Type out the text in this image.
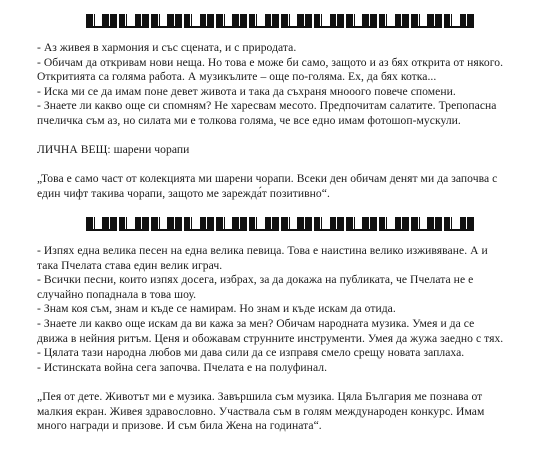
- Аз живея в хармония и със сцената, и с природата.

- Обичам да откривам нови неща. Но това е може би само, защото и аз бях открита от някого.

Откритията са голяма работа. А музикълите – още по-голяма. Ех, да бях котка...

- Иска ми се да имам поне девет живота и така да съхраня мнооого повече спомени.

- Знаете ли какво още си спомням? Не харесвам месото. Предпочитам салатите. Трепопасна

пчеличка съм аз, но силата ми е толкова голяма, че все едно имам фотошоп-мускули.

ЛИЧНА ВЕЩ: шарени чорапи

„Това е само част от колекцията ми шарени чорапи. Всеки ден обичам денят ми да започва с

един чифт такива чорапи, защото ме зарежда́т позитивно“.

- Изпях една велика песен на една велика певица. Това е наистина велико изживяване. А и

така Пчелата става един велик играч.

- Всички песни, които изпях досега, избрах, за да докажа на публиката, че Пчелата не е

случайно попаднала в това шоу.

- Знам коя съм, знам и къде се намирам. Но знам и къде искам да отида.

- Знаете ли какво още искам да ви кажа за мен? Обичам народната музика. Умея и да се

движа в нейния ритъм. Ценя и обожавам струнните инструменти. Умея да жужа заедно с тях.

- Цялата тази народна любов ми дава сили да се изправя смело срещу новата заплаха.

- Истинската война сега започва. Пчелата е на полуфинал.

„Пея от дете. Животът ми е музика. Завършила съм музика. Цяла България ме познава от

малкия екран. Живея здравословно. Участвала съм в голям международен конкурс. Имам

много награди и призове. И съм била Жена на годината“.
